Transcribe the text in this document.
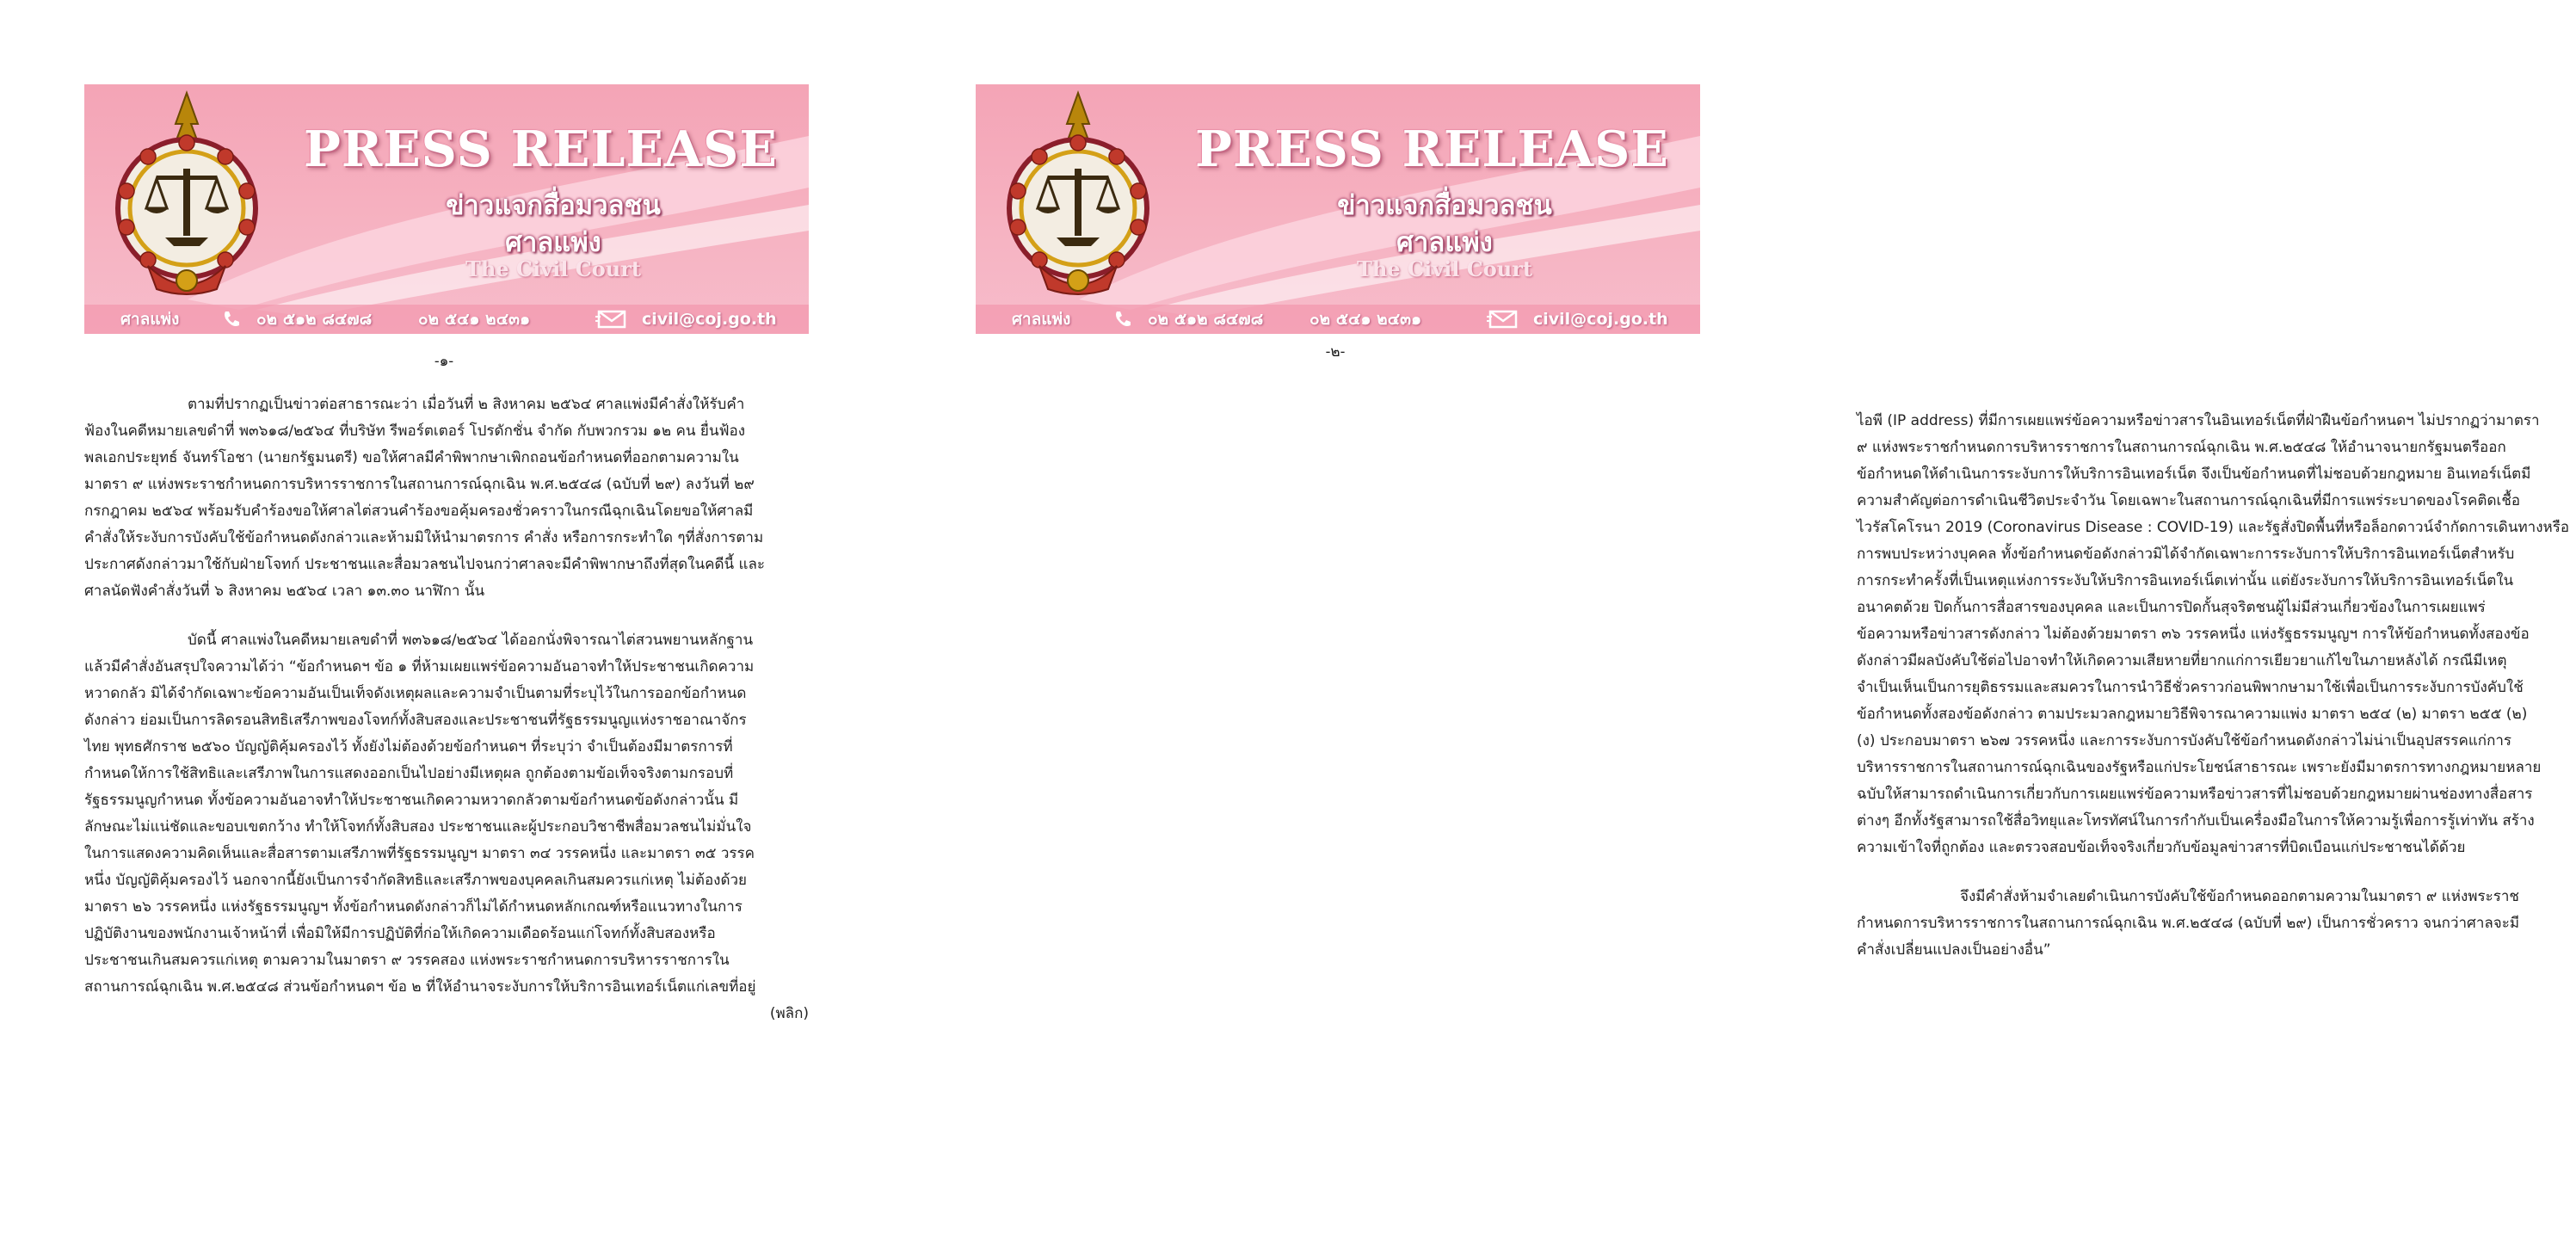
PRESS RELEASE
ข่าวแจกสื่อมวลชน
ศาลแพ่ง
The Civil Court
ศาลแพ่ง	๐๒ ๕๑๒ ๘๔๗๘	๐๒ ๕๔๑ ๒๔๓๑	civil@coj.go.th
-๑-
ตามที่ปรากฏเป็นข่าวต่อสาธารณะว่า เมื่อวันที่ ๒ สิงหาคม ๒๕๖๔ ศาลแพ่งมีคำสั่งให้รับคำ
ฟ้องในคดีหมายเลขดำที่ พ๓๖๑๘/๒๕๖๔ ที่บริษัท รีพอร์ตเตอร์ โปรดักชั่น จำกัด กับพวกรวม ๑๒ คน ยื่นฟ้อง
พลเอกประยุทธ์ จันทร์โอชา (นายกรัฐมนตรี) ขอให้ศาลมีคำพิพากษาเพิกถอนข้อกำหนดที่ออกตามความใน
มาตรา ๙ แห่งพระราชกำหนดการบริหารราชการในสถานการณ์ฉุกเฉิน พ.ศ.๒๕๔๘ (ฉบับที่ ๒๙) ลงวันที่ ๒๙
กรกฎาคม ๒๕๖๔ พร้อมรับคำร้องขอให้ศาลไต่สวนคำร้องขอคุ้มครองชั่วคราวในกรณีฉุกเฉินโดยขอให้ศาลมี
คำสั่งให้ระงับการบังคับใช้ข้อกำหนดดังกล่าวและห้ามมิให้นำมาตรการ คำสั่ง หรือการกระทำใด ๆที่สั่งการตาม
ประกาศดังกล่าวมาใช้กับฝ่ายโจทก์ ประชาชนและสื่อมวลชนไปจนกว่าศาลจะมีคำพิพากษาถึงที่สุดในคดีนี้ และ
ศาลนัดฟังคำสั่งวันที่ ๖ สิงหาคม ๒๕๖๔ เวลา ๑๓.๓๐ นาฬิกา นั้น
บัดนี้ ศาลแพ่งในคดีหมายเลขดำที่ พ๓๖๑๘/๒๕๖๔ ได้ออกนั่งพิจารณาไต่สวนพยานหลักฐาน
แล้วมีคำสั่งอันสรุปใจความได้ว่า “ข้อกำหนดฯ ข้อ ๑ ที่ห้ามเผยแพร่ข้อความอันอาจทำให้ประชาชนเกิดความ
หวาดกลัว มิได้จำกัดเฉพาะข้อความอันเป็นเท็จดังเหตุผลและความจำเป็นตามที่ระบุไว้ในการออกข้อกำหนด
ดังกล่าว ย่อมเป็นการลิดรอนสิทธิเสรีภาพของโจทก์ทั้งสิบสองและประชาชนที่รัฐธรรมนูญแห่งราชอาณาจักร
ไทย พุทธศักราช ๒๕๖๐ บัญญัติคุ้มครองไว้ ทั้งยังไม่ต้องด้วยข้อกำหนดฯ ที่ระบุว่า จำเป็นต้องมีมาตรการที่
กำหนดให้การใช้สิทธิและเสรีภาพในการแสดงออกเป็นไปอย่างมีเหตุผล ถูกต้องตามข้อเท็จจริงตามกรอบที่
รัฐธรรมนูญกำหนด ทั้งข้อความอันอาจทำให้ประชาชนเกิดความหวาดกลัวตามข้อกำหนดข้อดังกล่าวนั้น มี
ลักษณะไม่แน่ชัดและขอบเขตกว้าง ทำให้โจทก์ทั้งสิบสอง ประชาชนและผู้ประกอบวิชาชีพสื่อมวลชนไม่มั่นใจ
ในการแสดงความคิดเห็นและสื่อสารตามเสรีภาพที่รัฐธรรมนูญฯ มาตรา ๓๔ วรรคหนึ่ง และมาตรา ๓๕ วรรค
หนึ่ง บัญญัติคุ้มครองไว้ นอกจากนี้ยังเป็นการจำกัดสิทธิและเสรีภาพของบุคคลเกินสมควรแก่เหตุ ไม่ต้องด้วย
มาตรา ๒๖ วรรคหนึ่ง แห่งรัฐธรรมนูญฯ ทั้งข้อกำหนดดังกล่าวก็ไม่ได้กำหนดหลักเกณฑ์หรือแนวทางในการ
ปฏิบัติงานของพนักงานเจ้าหน้าที่ เพื่อมิให้มีการปฏิบัติที่ก่อให้เกิดความเดือดร้อนแก่โจทก์ทั้งสิบสองหรือ
ประชาชนเกินสมควรแก่เหตุ ตามความในมาตรา ๙ วรรคสอง แห่งพระราชกำหนดการบริหารราชการใน
สถานการณ์ฉุกเฉิน พ.ศ.๒๕๔๘ ส่วนข้อกำหนดฯ ข้อ ๒ ที่ให้อำนาจระงับการให้บริการอินเทอร์เน็ตแก่เลขที่อยู่
(พลิก)
PRESS RELEASE
ข่าวแจกสื่อมวลชน
ศาลแพ่ง
The Civil Court
ศาลแพ่ง	๐๒ ๕๑๒ ๘๔๗๘	๐๒ ๕๔๑ ๒๔๓๑	civil@coj.go.th
-๒-
ไอพี (IP address) ที่มีการเผยแพร่ข้อความหรือข่าวสารในอินเทอร์เน็ตที่ฝ่าฝืนข้อกำหนดฯ ไม่ปรากฏว่ามาตรา
๙ แห่งพระราชกำหนดการบริหารราชการในสถานการณ์ฉุกเฉิน พ.ศ.๒๕๔๘ ให้อำนาจนายกรัฐมนตรีออก
ข้อกำหนดให้ดำเนินการระงับการให้บริการอินเทอร์เน็ต จึงเป็นข้อกำหนดที่ไม่ชอบด้วยกฎหมาย อินเทอร์เน็ตมี
ความสำคัญต่อการดำเนินชีวิตประจำวัน โดยเฉพาะในสถานการณ์ฉุกเฉินที่มีการแพร่ระบาดของโรคติดเชื้อ
ไวรัสโคโรนา 2019 (Coronavirus Disease : COVID-19) และรัฐสั่งปิดพื้นที่หรือล็อกดาวน์จำกัดการเดินทางหรือ
การพบประหว่างบุคคล ทั้งข้อกำหนดข้อดังกล่าวมิได้จำกัดเฉพาะการระงับการให้บริการอินเทอร์เน็ตสำหรับ
การกระทำครั้งที่เป็นเหตุแห่งการระงับให้บริการอินเทอร์เน็ตเท่านั้น แต่ยังระงับการให้บริการอินเทอร์เน็ตใน
อนาคตด้วย ปิดกั้นการสื่อสารของบุคคล และเป็นการปิดกั้นสุจริตชนผู้ไม่มีส่วนเกี่ยวข้องในการเผยแพร่
ข้อความหรือข่าวสารดังกล่าว ไม่ต้องด้วยมาตรา ๓๖ วรรคหนึ่ง แห่งรัฐธรรมนูญฯ การให้ข้อกำหนดทั้งสองข้อ
ดังกล่าวมีผลบังคับใช้ต่อไปอาจทำให้เกิดความเสียหายที่ยากแก่การเยียวยาแก้ไขในภายหลังได้ กรณีมีเหตุ
จำเป็นเห็นเป็นการยุติธรรมและสมควรในการนำวิธีชั่วคราวก่อนพิพากษามาใช้เพื่อเป็นการระงับการบังคับใช้
ข้อกำหนดทั้งสองข้อดังกล่าว ตามประมวลกฎหมายวิธีพิจารณาความแพ่ง มาตรา ๒๕๔ (๒) มาตรา ๒๕๕ (๒)
(ง) ประกอบมาตรา ๒๖๗ วรรคหนึ่ง และการระงับการบังคับใช้ข้อกำหนดดังกล่าวไม่น่าเป็นอุปสรรคแก่การ
บริหารราชการในสถานการณ์ฉุกเฉินของรัฐหรือแก่ประโยชน์สาธารณะ เพราะยังมีมาตรการทางกฎหมายหลาย
ฉบับให้สามารถดำเนินการเกี่ยวกับการเผยแพร่ข้อความหรือข่าวสารที่ไม่ชอบด้วยกฎหมายผ่านช่องทางสื่อสาร
ต่างๆ อีกทั้งรัฐสามารถใช้สื่อวิทยุและโทรทัศน์ในการกำกับเป็นเครื่องมือในการให้ความรู้เพื่อการรู้เท่าทัน สร้าง
ความเข้าใจที่ถูกต้อง และตรวจสอบข้อเท็จจริงเกี่ยวกับข้อมูลข่าวสารที่บิดเบือนแก่ประชาชนได้ด้วย
จึงมีคำสั่งห้ามจำเลยดำเนินการบังคับใช้ข้อกำหนดออกตามความในมาตรา ๙ แห่งพระราช
กำหนดการบริหารราชการในสถานการณ์ฉุกเฉิน พ.ศ.๒๕๔๘ (ฉบับที่ ๒๙) เป็นการชั่วคราว จนกว่าศาลจะมี
คำสั่งเปลี่ยนแปลงเป็นอย่างอื่น”
